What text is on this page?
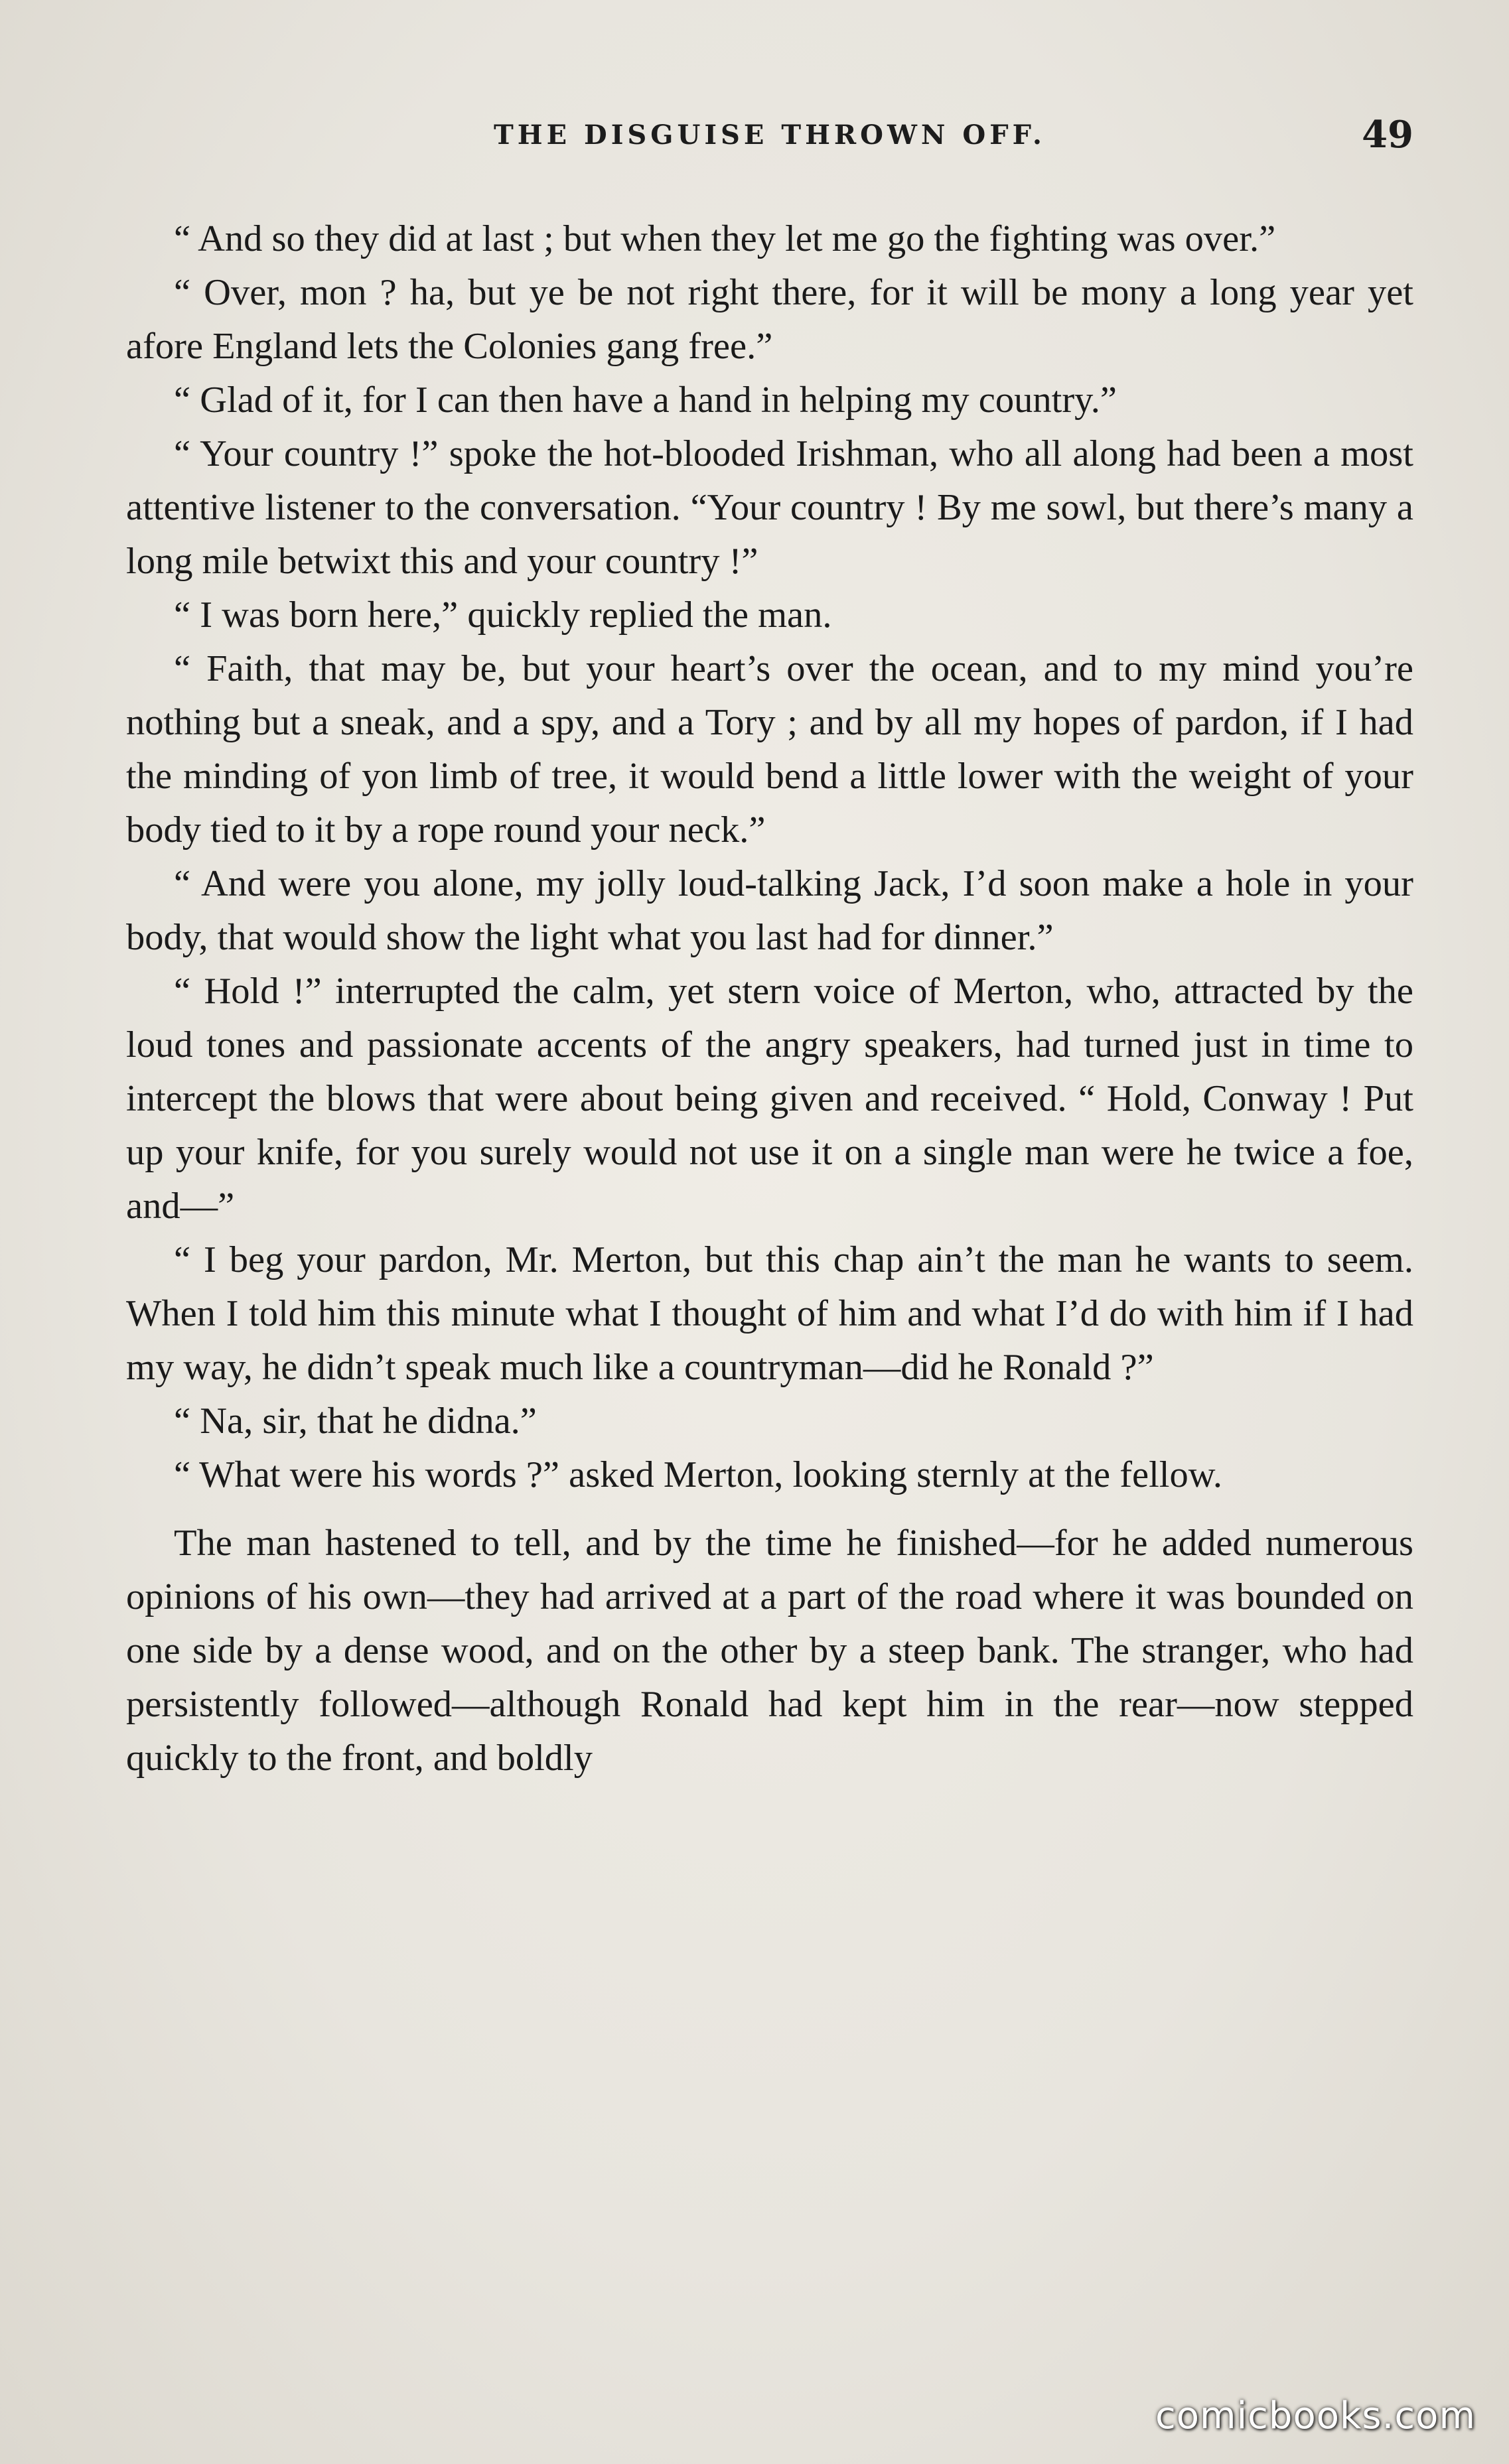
THE DISGUISE THROWN OFF.	49

“ And so they did at last ; but when they let me go the fighting was over.”

“ Over, mon ? ha, but ye be not right there, for it will be mony a long year yet afore England lets the Colonies gang free.”

“ Glad of it, for I can then have a hand in helping my country.”

“ Your country !” spoke the hot-blooded Irishman, who all along had been a most attentive listener to the conversation. “Your country ! By me sowl, but there’s many a long mile betwixt this and your country !”

“ I was born here,” quickly replied the man.

“ Faith, that may be, but your heart’s over the ocean, and to my mind you’re nothing but a sneak, and a spy, and a Tory ; and by all my hopes of pardon, if I had the minding of yon limb of tree, it would bend a little lower with the weight of your body tied to it by a rope round your neck.”

“ And were you alone, my jolly loud-talking Jack, I’d soon make a hole in your body, that would show the light what you last had for dinner.”

“ Hold !” interrupted the calm, yet stern voice of Merton, who, attracted by the loud tones and passionate accents of the angry speakers, had turned just in time to intercept the blows that were about being given and received. “ Hold, Conway ! Put up your knife, for you surely would not use it on a single man were he twice a foe, and—”

“ I beg your pardon, Mr. Merton, but this chap ain’t the man he wants to seem. When I told him this minute what I thought of him and what I’d do with him if I had my way, he didn’t speak much like a countryman—did he Ronald ?”

“ Na, sir, that he didna.”

“ What were his words ?” asked Merton, looking sternly at the fellow.

The man hastened to tell, and by the time he finished—for he added numerous opinions of his own—they had arrived at a part of the road where it was bounded on one side by a dense wood, and on the other by a steep bank. The stranger, who had persistently followed—although Ronald had kept him in the rear—now stepped quickly to the front, and boldly

comicbooks.com
